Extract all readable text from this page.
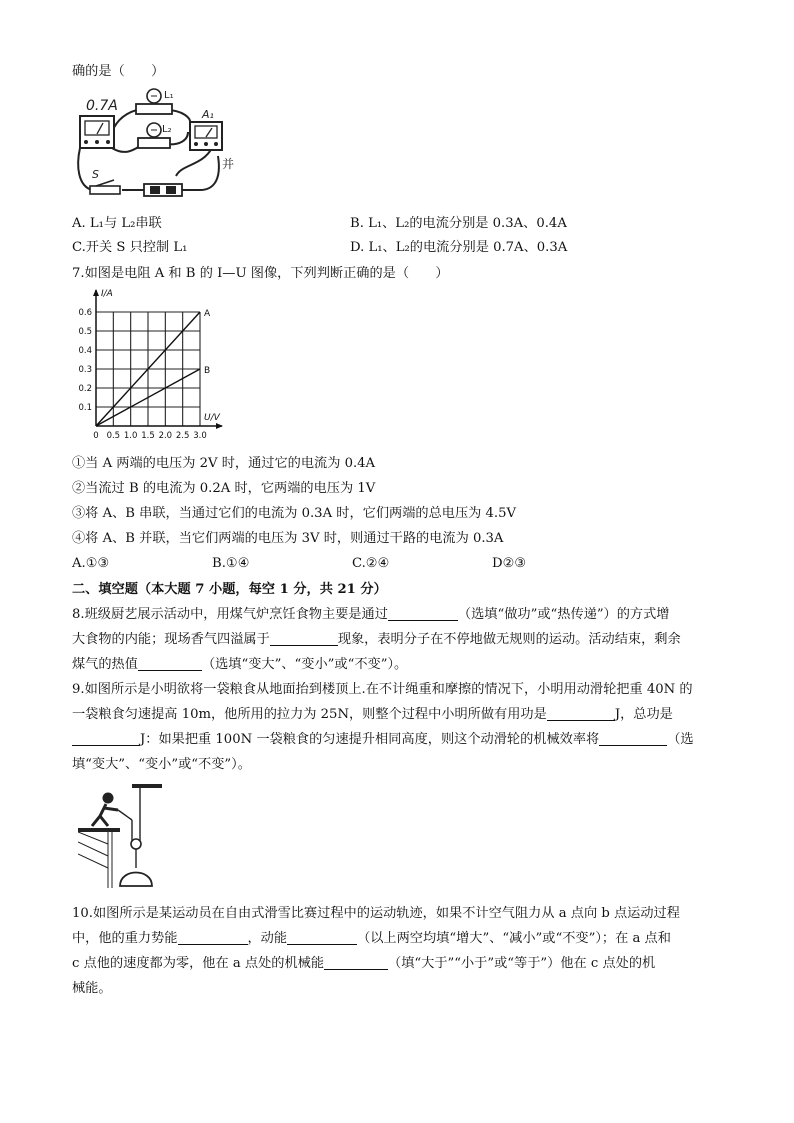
确的是（　　）
0.7A
L₁
L₂
A₁
S
并
A. L₁与 L₂串联	B. L₁、L₂的电流分别是 0.3A、0.4A
C.开关 S 只控制 L₁	D. L₁、L₂的电流分别是 0.7A、0.3A
7.如图是电阻 A 和 B 的 I—U 图像，下列判断正确的是（　　）
A
B
0 0.5 1.0 1.5 2.0 2.5 3.0
0.1
0.2
0.3
0.4
0.5
0.6
I/A
U/V
①当 A 两端的电压为 2V 时，通过它的电流为 0.4A
②当流过 B 的电流为 0.2A 时，它两端的电压为 1V
③将 A、B 串联，当通过它们的电流为 0.3A 时，它们两端的总电压为 4.5V
④将 A、B 并联，当它们两端的电压为 3V 时，则通过干路的电流为 0.3A
A.①③	B.①④	C.②④	D②③
二、填空题（本大题 7 小题，每空 1 分，共 21 分）
8.班级厨艺展示活动中，用煤气炉烹饪食物主要是通过	（选填“做功”或“热传递”）的方式增
大食物的内能；现场香气四溢属于	现象，表明分子在不停地做无规则的运动。活动结束，剩余
煤气的热值	（选填“变大”、“变小”或“不变”）。
9.如图所示是小明欲将一袋粮食从地面抬到楼顶上.在不计绳重和摩擦的情况下，小明用动滑轮把重 40N 的
一袋粮食匀速提高 10m，他所用的拉力为 25N，则整个过程中小明所做有用功是	J，总功是
J：如果把重 100N 一袋粮食的匀速提升相同高度，则这个动滑轮的机械效率将	（选
填“变大”、“变小”或“不变”）。
10.如图所示是某运动员在自由式滑雪比赛过程中的运动轨迹，如果不计空气阻力从 a 点向 b 点运动过程
中，他的重力势能	，动能	（以上两空均填“增大”、“减小”或“不变”）；在 a 点和
c 点他的速度都为零，他在 a 点处的机械能	（填“大于”“小于”或“等于”）他在 c 点处的机
械能。
